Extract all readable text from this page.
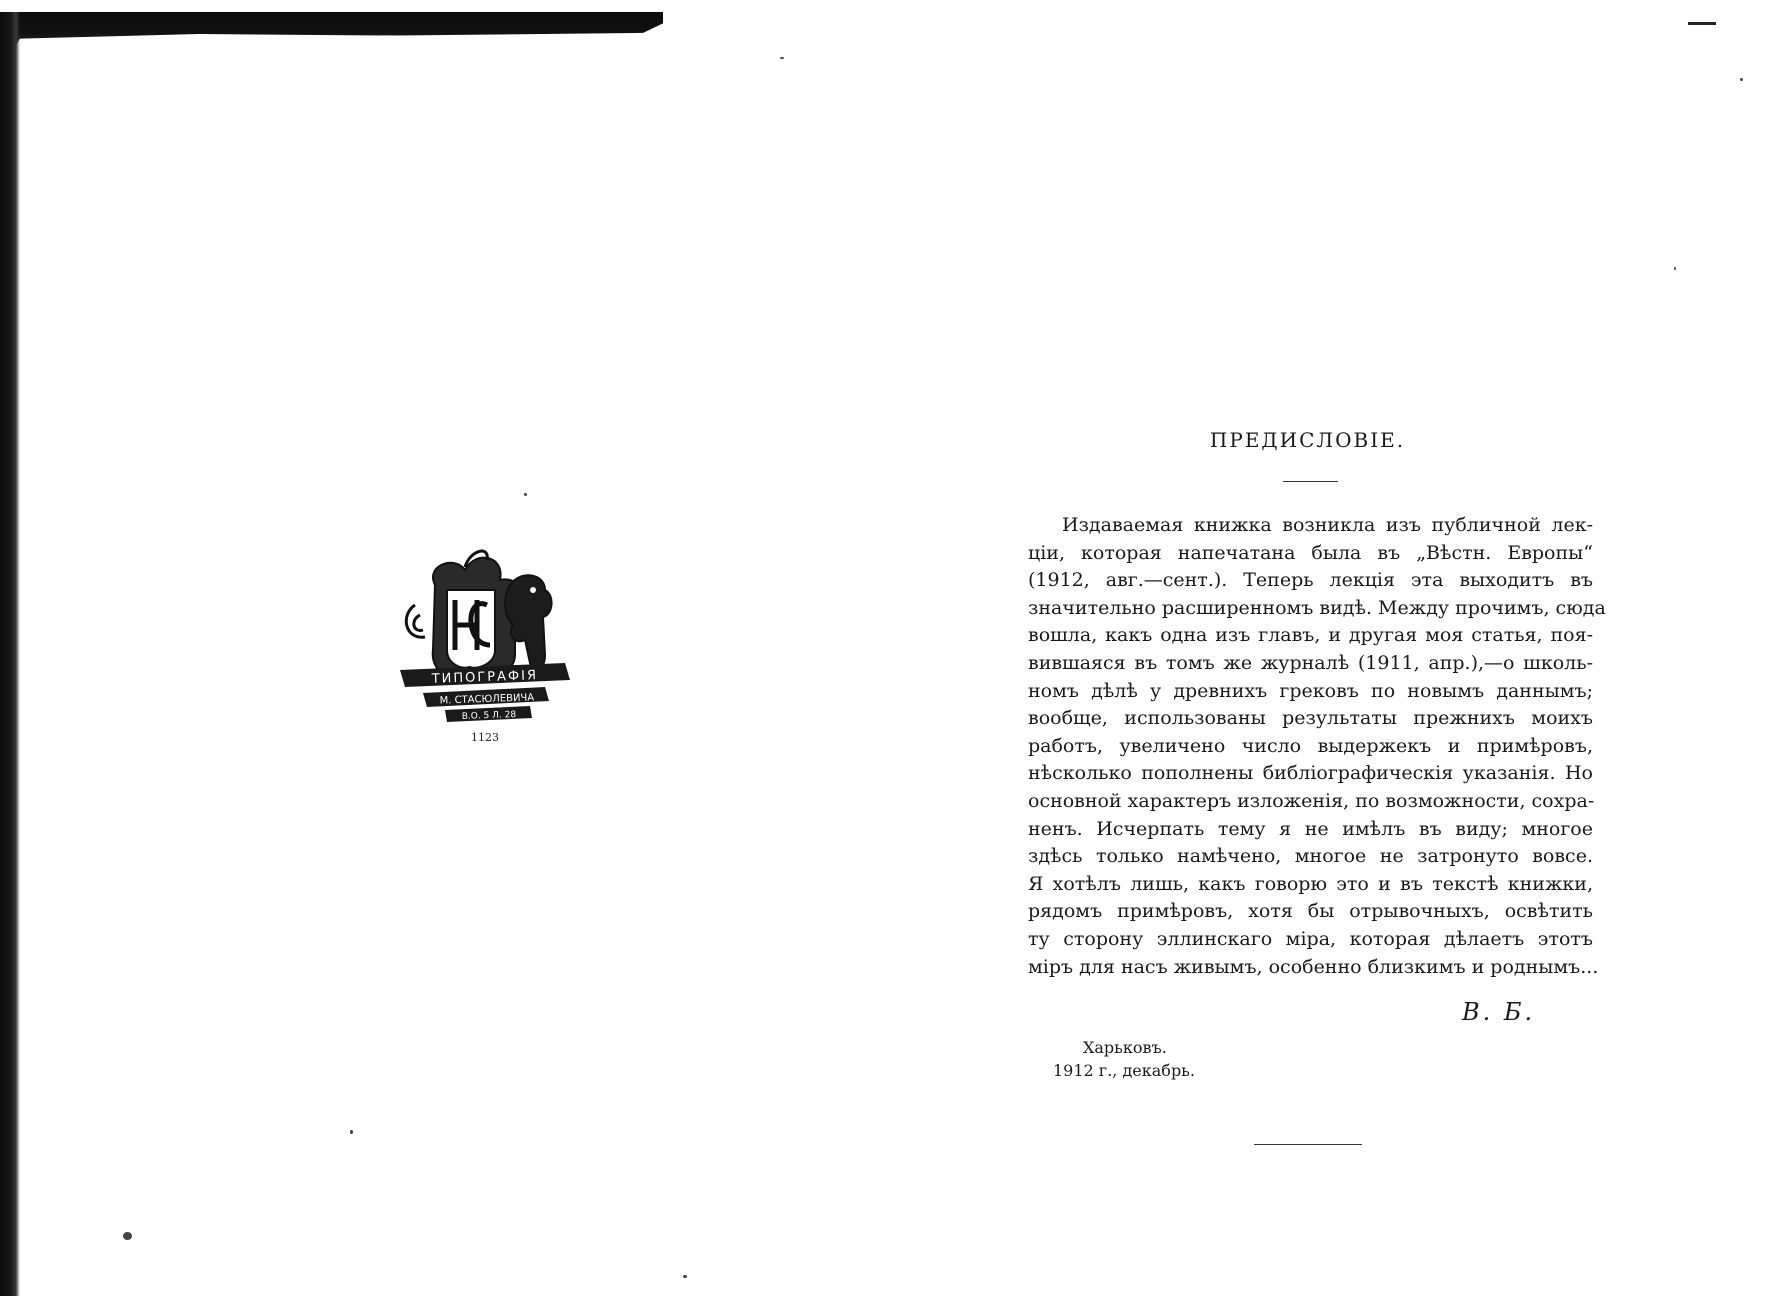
ТИПОГРАФІЯ
М. СТАСЮЛЕВИЧА
В.О. 5 Л. 28
1123
ПРЕДИСЛОВІЕ.

Издаваемая книжка возникла изъ публичной лек-
ціи, которая напечатана была въ „Вѣстн. Европы“
(1912, авг.—сент.). Теперь лекція эта выходитъ въ
значительно расширенномъ видѣ. Между прочимъ, сюда
вошла, какъ одна изъ главъ, и другая моя статья, поя-
вившаяся въ томъ же журналѣ (1911, апр.),—о школь-
номъ дѣлѣ у древнихъ грековъ по новымъ даннымъ;
вообще, использованы результаты прежнихъ моихъ
работъ, увеличено число выдержекъ и примѣровъ,
нѣсколько пополнены библіографическія указанія. Но
основной характеръ изложенія, по возможности, сохра-
ненъ. Исчерпать тему я не имѣлъ въ виду; многое
здѣсь только намѣчено, многое не затронуто вовсе.
Я хотѣлъ лишь, какъ говорю это и въ текстѣ книжки,
рядомъ примѣровъ, хотя бы отрывочныхъ, освѣтить
ту сторону эллинскаго міра, которая дѣлаетъ этотъ
міръ для насъ живымъ, особенно близкимъ и роднымъ...

В. Б.

Харьковъ.

1912 г., декабрь.
